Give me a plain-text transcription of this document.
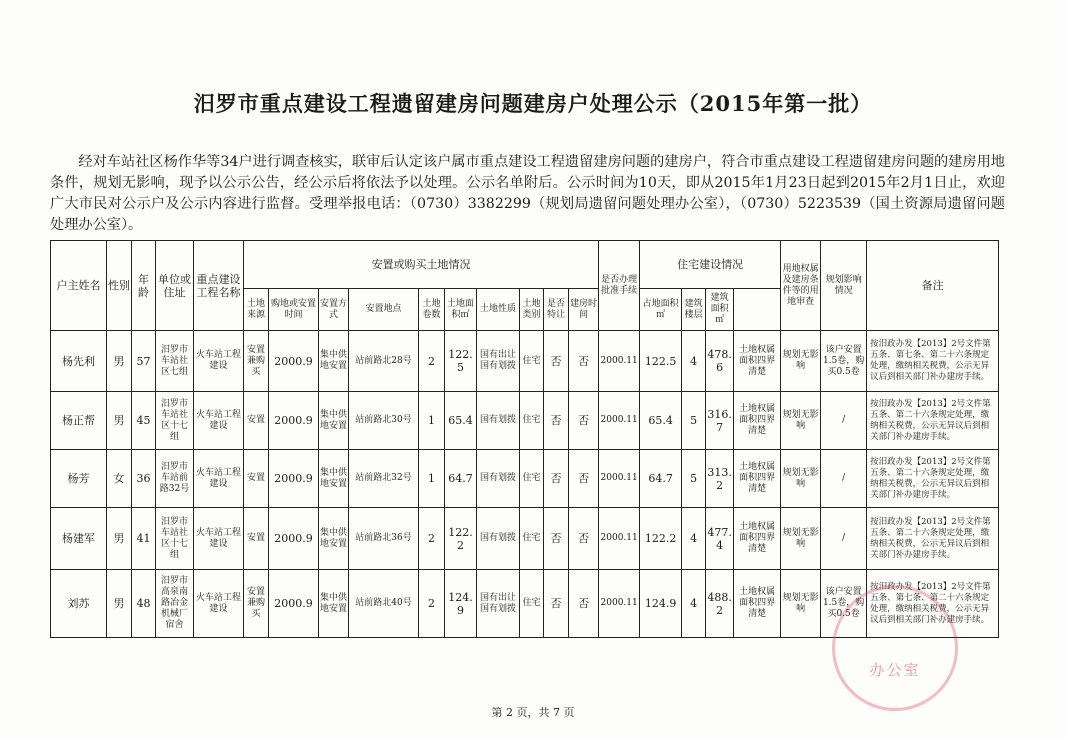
汨罗市重点建设工程遗留建房问题建房户处理公示（2015年第一批）
经对车站社区杨作华等34户进行调查核实，联审后认定该户属市重点建设工程遗留建房问题的建房户，符合市重点建设工程遗留建房问题的建房用地条件，规划无影响，现予以公示公告，经公示后将依法予以处理。公示名单附后。公示时间为10天，即从2015年1月23日起到2015年2月1日止，欢迎广大市民对公示户及公示内容进行监督。受理举报电话：（0730）3382299（规划局遗留问题处理办公室），（0730）5223539（国土资源局遗留问题处理办公室）。
户主姓名	性别	年龄	单位或住址	重点建设工程名称	安置或购买土地情况										是否办理批准手续	住宅建设情况				用地权属及建房条件等的用地审查	规划影响情况	备注	
					土地来源	购地或安置时间	安置方式	安置地点	土地卷数	土地面积㎡	土地性质	土地类别	是否特让	建房时间		占地面积㎡	建筑楼层	建筑面积㎡					
杨先利	男	57	汨罗市车站社区七组	火车站工程建设	安置兼购买	2000.9	集中供地安置	站前路北28号	2	122.5	国有出让国有划拨	住宅	否	否	2000.11	122.5	4	478.6	土地权属面积四界清楚	规划无影响	该户安置1.5卷，购买0.5卷	按汨政办发【2013】2号文件第五条、第七条、第二十六条规定处理，缴纳相关税费，公示无异议后到相关部门补办建房手续。	
杨正帮	男	45	汨罗市车站社区十七组	火车站工程建设	安置	2000.9	集中供地安置	站前路北30号	1	65.4	国有划拨	住宅	否	否	2000.11	65.4	5	316.7	土地权属面积四界清楚	规划无影响	/	按汨政办发【2013】2号文件第五条、第二十六条规定处理，缴纳相关税费，公示无异议后到相关部门补办建房手续。	
杨芳	女	36	汨罗市车站前路32号	火车站工程建设	安置	2000.9	集中供地安置	站前路北32号	1	64.7	国有划拨	住宅	否	否	2000.11	64.7	5	313.2	土地权属面积四界清楚	规划无影响	/	按汨政办发【2013】2号文件第五条、第二十六条规定处理，缴纳相关税费，公示无异议后到相关部门补办建房手续。	
杨建军	男	41	汨罗市车站社区十七组	火车站工程建设	安置	2000.9	集中供地安置	站前路北36号	2	122.2	国有划拨	住宅	否	否	2000.11	122.2	4	477.4	土地权属面积四界清楚	规划无影响	/	按汨政办发【2013】2号文件第五条、第二十六条规定处理，缴纳相关税费，公示无异议后到相关部门补办建房手续。	
刘苏	男	48	汨罗市高泉南路冶金机械厂宿舍	火车站工程建设	安置兼购买	2000.9	集中供地安置	站前路北40号	2	124.9	国有出让国有划拨	住宅	否	否	2000.11	124.9	4	488.2	土地权属面积四界清楚	规划无影响	该户安置1.5卷，购买0.5卷	按汨政办发【2013】2号文件第五条、第七条、第二十六条规定处理，缴纳相关税费，公示无异议后到相关部门补办建房手续。	
办公室
第 2 页，共 7 页
